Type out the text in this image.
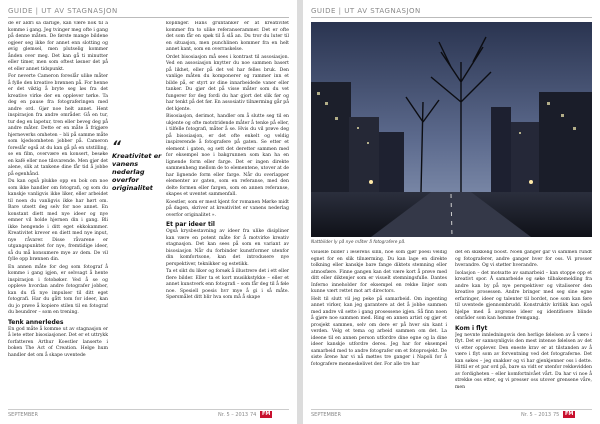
GUIDE | UT AV STAGNASJON

de er aldri så dårlige, kan være nok til å komme i gang. Jeg tvinger meg ofte i gang på denne måten. De første mange bildene ogjeer seg ikke for annet enn slotting og øvig glemsel, men plutselig kommer ånden over meg. Det kan gå ti minutter eller timer, men som oftest løsner det på et eller annet tidspunkt.

For neverte Cameron foreslår ulike måter å fylle den kreative brønnen på. For henne er det viktig å bryte seg løs fra det kreative virke der en opplever tørke. Ta deg en pause fra fotograferingen med andre ord. Gjør noe helt annet. Hent inspirasjon fra andre områder. Gå en tur, tur deg en lapetur, tren eller beveg deg på andre måter. Dette er en måte å frigjøre hjerneverks omheten – bli på samme måte som kjedsomheten jobber på. Cameron foreslår også at du kan gå på en utstilling, se en film, overvære en konsert, besøke en kafé eller noe tilsvarende. Men gjør det alene, slik at tankene dine får tid å jobbe på egenhånd.

Du kan også plukke opp en bok om noe som ikke handler om fotografi, og som du kanskje vanligvis ikke liker, eller arbeidet til noen du vanligvis ikke har hørt om. Bare utsett deg selv for noe annet. En konstant diett med nye ideer og nye emner vil holde hjernen din i gang. Bli ikke hengende i ditt eget ekkokammer. Kreativitet krever en diett med nye input, nye råvarer. Disse råvarene er utgangspunktet for nye, fremtidige ideer, så du må konsumere mye av dem. De vil fylle opp brønnen din.

En annen måte for deg som fotograf å komme i gang igjen, er selvsagt å hente inspirasjon i fotobøker. Ved å se og oppleve hvordan andre fotografer jobber, kan du få nye impulser til ditt eget fotografi. Har du gått tom for ideer, kan du jo prøve å kopiere stilen til en fotograf du beundrer – som en trening.

Tenk annerledes

En god måte å komme ut av stagnasjon er å lete etter bisosiasjoner. Det er et uttrykk forfatteren Arthur Koestler lanserte i boken The Act of Creation. Helge hum handler det om å skape uventede

“
Kreativitet er vanens nederlag overfor originalitet

koplinger. Hans gruntanker er at kreativitet kommer fra to ulike referanserammer. Det er ofte det som får en spøk til å slå an. Du tror du luter til en situasjon, men punchlinen kommer fra en helt annet kant, som en overraskelse.

Ordet bisosiasjon må sees i kontrast til assosiasjon. Ved en assosiasjon knytter du noe sammen basert på likhet, eller på det vel har felles bruk. Den vanlige måten du komponerer og rammer inn et bilde på, er styrt av dine innarbeidede vaner eller tanker. Du gjør det på visse måter som du vet fungerer for deg fordi du har gjort det slik før og har tenkt på det før. En assosiativ tilnærming går på det kjente.

Bisosiasjon, derimot, handler om å slutte seg til en ukjente og ofte motstridende måter å tenke på eller, i tilfelle fotografi, måter å se. Hvis du vil prøve deg på bisosiasjon, er det ofte enkelt og veldig inspirerende å fotografere på gaten. Se etter et element i gaten, og sett det deretter sammen med for eksempel noe i bakgrunnen som kan ha en lignende form eller farge. Det er ingen direkte sammenheng mellom de to elementene, utover at de har lignende form eller farge. Når du overlapper elementer av gaten, som en referanse, med den delte formen eller fargen, som en annen referanse, skapes et uventet sammenfall.

Koestler, som er mest kjent for romanen Mørke midt på dagen, skriver at kreativitet er vanens nederlag overfor originalitet ».

Et par ideer til

Også krysbestavning av ideer fra ulike disipliner kan være en potent måte for å motvirke kreativ stagnasjon. Det kan sees på som en variant av bisosiasjon Når du forbinder kunstformer utenfor din komfortsone, kan det introdusere nye perspektiver, teknikker og estetikk.

Ta et sikt du liker og forsøk å illustrere det i ett eller flere bilder. Eller ta et kort musikkstykke – eller et annet kunstverk enn fotografi – som får deg til å føle noe. Spesiell poesis hvr mye å gi i så måte. Spørsmålet ditt blir hva som må å skape

SEPTEMBER	Nr. 5 – 2013 74	FM
GUIDE | UT AV STAGNASJON
Nattbilder ly på nye måter å fotografere på.

visuelle bilder i leserens sinn, noe som gjør poesi veldig egnet for en slik tilnærming. Du kan lage en direkte tolkning eller kanskje bare fange diktets stemning eller atmosfære. Finne gangen kan det være kort å prøve med ditt eller diktenjer som er visuelt stemningsfulle. Dantes Inferno inneholder for eksempel en rekke linjer som kunne vært rettet mot art directors.

Helt til slutt vil jeg peke på samarbeid. Om ingenting annet virker, kan jeg garantere at det å jobbe sammen med andre vil sette i gang prosessene igjen. Så finn noen å gjøre noe sammen med. Ring en annen artist og gjør et prosjekt sammen, selv om dere er på hver sin kant i verden. Velg et tema og arbeid sammen om det. La ideene til en annen person utfordre dine egne og la dine ideer kanskje utfordre deres. Jeg har for eksempel samarbeid med to andre fotografer om et fotoprosjekt. De siste årene har vi nå møttes tre ganger i Napoli for å fotografere menneskelivet der. For alle tre har

det en skikkelig boost. Noen ganger går vi sammen rundt og fotograferer, andre ganger hver for oss. Vi prosser hverandre. Og vi støtter hverandre.

Isolasjon – det motsatte av samarbeid – kan stoppe opp et kreativt spor. Å samarbeide og søke tilbakemelding fra andre kan by på nye perspektiver og vitaliserer den kreative prosessen. Andre bringer med seg sine egne erfaringer, ideer og talenter til bordet, noe som kan føre til uventede gjennombrudd. Konstruktiv kritikk kan også hjelpe med å avgrense ideer og identifisere blinde områder som kan hemme fremgang.

Kom i flyt

Jeg nevnte innledningsvis den herlige følelsen av å være i flyt. Det er sannsynligvis den mest intense følelsen av det vi etter opplever. Den eneste krav er at tilstanden av å være i flyt som av forventning ved det fotograferne. Det kan søkes – jeg snakker og vi har gjenkjenner oss i dette. Hittil er et par ord på, bare sa vidt er utenfor rekkevidden av fordigheten – eller komfortnivået vårt. Da har vi noe å strekke oss etter, og vi presser oss utover grensene våre, men

SEPTEMBER	Nr. 5 – 2013 75	FM
